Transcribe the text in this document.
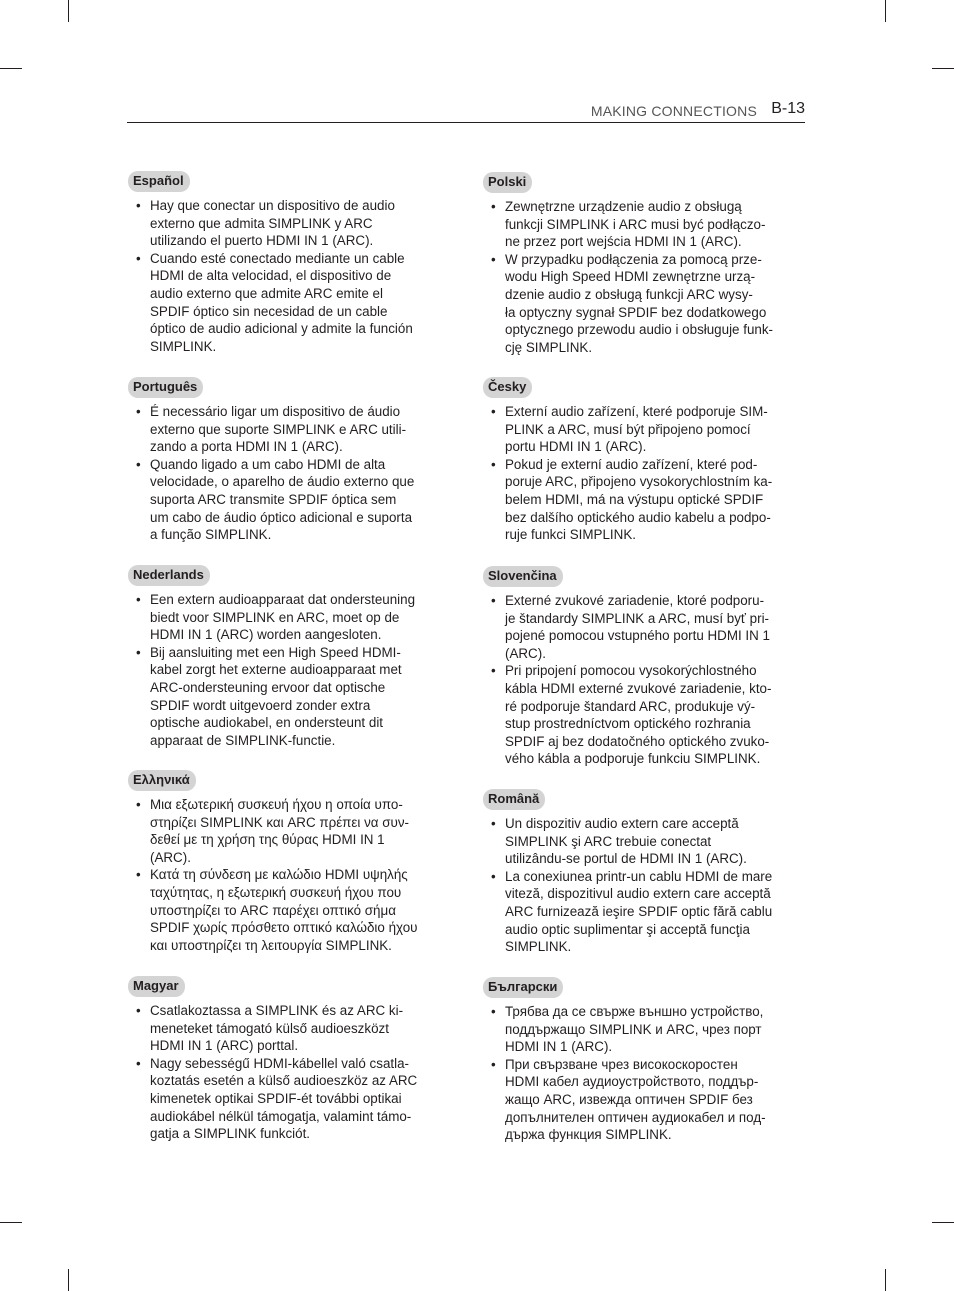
MAKING CONNECTIONS B-13
Español
• Hay que conectar un dispositivo de audio
externo que admita SIMPLINK y ARC
utilizando el puerto HDMI IN 1 (ARC).
• Cuando esté conectado mediante un cable
HDMI de alta velocidad, el dispositivo de
audio externo que admite ARC emite el
SPDIF óptico sin necesidad de un cable
óptico de audio adicional y admite la función
SIMPLINK.
Português
• É necessário ligar um dispositivo de áudio
externo que suporte SIMPLINK e ARC utili-
zando a porta HDMI IN 1 (ARC).
• Quando ligado a um cabo HDMI de alta
velocidade, o aparelho de áudio externo que
suporta ARC transmite SPDIF óptica sem
um cabo de áudio óptico adicional e suporta
a função SIMPLINK.
Nederlands
• Een extern audioapparaat dat ondersteuning
biedt voor SIMPLINK en ARC, moet op de
HDMI IN 1 (ARC) worden aangesloten.
• Bij aansluiting met een High Speed HDMI-
kabel zorgt het externe audioapparaat met
ARC-ondersteuning ervoor dat optische
SPDIF wordt uitgevoerd zonder extra
optische audiokabel, en ondersteunt dit
apparaat de SIMPLINK-functie.
Ελληνικά
• Μια εξωτερική συσκευή ήχου η οποία υπο-
στηρίζει SIMPLINK και ARC πρέπει να συν-
δεθεί με τη χρήση της θύρας HDMI IN 1
(ARC).
• Κατά τη σύνδεση με καλώδιο HDMI υψηλής
ταχύτητας, η εξωτερική συσκευή ήχου που
υποστηρίζει το ARC παρέχει οπτικό σήμα
SPDIF χωρίς πρόσθετο οπτικό καλώδιο ήχου
και υποστηρίζει τη λειτουργία SIMPLINK.
Magyar
• Csatlakoztassa a SIMPLINK és az ARC ki-
meneteket támogató külső audioeszközt
HDMI IN 1 (ARC) porttal.
• Nagy sebességű HDMI-kábellel való csatla-
koztatás esetén a külső audioeszköz az ARC
kimenetek optikai SPDIF-ét további optikai
audiokábel nélkül támogatja, valamint támo-
gatja a SIMPLINK funkciót.
Polski
• Zewnętrzne urządzenie audio z obsługą
funkcji SIMPLINK i ARC musi być podłączo-
ne przez port wejścia HDMI IN 1 (ARC).
• W przypadku podłączenia za pomocą prze-
wodu High Speed HDMI zewnętrzne urzą-
dzenie audio z obsługą funkcji ARC wysy-
ła optyczny sygnał SPDIF bez dodatkowego
optycznego przewodu audio i obsługuje funk-
cję SIMPLINK.
Česky
• Externí audio zařízení, které podporuje SIM-
PLINK a ARC, musí být připojeno pomocí
portu HDMI IN 1 (ARC).
• Pokud je externí audio zařízení, které pod-
poruje ARC, připojeno vysokorychlostním ka-
belem HDMI, má na výstupu optické SPDIF
bez dalšího optického audio kabelu a podpo-
ruje funkci SIMPLINK.
Slovenčina
• Externé zvukové zariadenie, ktoré podporu-
je štandardy SIMPLINK a ARC, musí byť pri-
pojené pomocou vstupného portu HDMI IN 1
(ARC).
• Pri pripojení pomocou vysokorýchlostného
kábla HDMI externé zvukové zariadenie, kto-
ré podporuje štandard ARC, produkuje vý-
stup prostredníctvom optického rozhrania
SPDIF aj bez dodatočného optického zvuko-
vého kábla a podporuje funkciu SIMPLINK.
Română
• Un dispozitiv audio extern care acceptă
SIMPLINK şi ARC trebuie conectat
utilizându-se portul de HDMI IN 1 (ARC).
• La conexiunea printr-un cablu HDMI de mare
viteză, dispozitivul audio extern care acceptă
ARC furnizează ieşire SPDIF optic fără cablu
audio optic suplimentar şi acceptă funcţia
SIMPLINK.
Български
• Трябва да се свърже външно устройство,
поддържащо SIMPLINK и ARC, чрез порт
HDMI IN 1 (ARC).
• При свързване чрез високоскоростен
HDMI кабел аудиоустройството, поддър-
жащо ARC, извежда оптичен SPDIF без
допълнителен оптичен аудиокабел и под-
държа функция SIMPLINK.
